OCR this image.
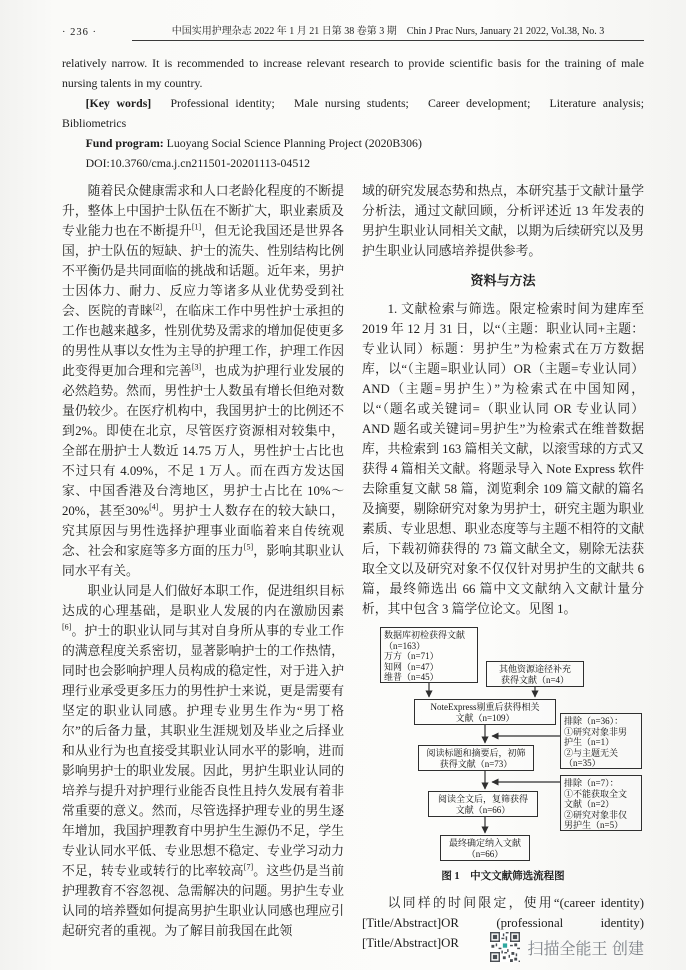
· 236 ·	中国实用护理杂志 2022 年 1 月 21 日第 38 卷第 3 期　Chin J Prac Nurs, January 21 2022, Vol.38, No. 3

relatively narrow. It is recommended to increase relevant research to provide scientific basis for the training of male nursing talents in my country.

[Key words]　Professional identity;　Male nursing students;　Career development;　Literature analysis;　Bibliometrics

Fund program: Luoyang Social Science Planning Project (2020B306)

DOI:10.3760/cma.j.cn211501-20201113-04512

随着民众健康需求和人口老龄化程度的不断提升，整体上中国护士队伍在不断扩大，职业素质及专业能力也在不断提升[1]，但无论我国还是世界各国，护士队伍的短缺、护士的流失、性别结构比例不平衡仍是共同面临的挑战和话题。近年来，男护士因体力、耐力、反应力等诸多从业优势受到社会、医院的青睐[2]，在临床工作中男性护士承担的工作也越来越多，性别优势及需求的增加促使更多的男性从事以女性为主导的护理工作，护理工作因此变得更加合理和完善[3]，也成为护理行业发展的必然趋势。然而，男性护士人数虽有增长但绝对数量仍较少。在医疗机构中，我国男护士的比例还不到2%。即使在北京，尽管医疗资源相对较集中，全部在册护士人数近 14.75 万人，男性护士占比也不过只有 4.09%，不足 1 万人。而在西方发达国家、中国香港及台湾地区，男护士占比在 10%～20%，甚至30%[4]。男护士人数存在的较大缺口，究其原因与男性选择护理事业面临着来自传统观念、社会和家庭等多方面的压力[5]，影响其职业认同水平有关。

职业认同是人们做好本职工作，促进组织目标达成的心理基础，是职业人发展的内在激励因素[6]。护士的职业认同与其对自身所从事的专业工作的满意程度关系密切，显著影响护士的工作热情，同时也会影响护理人员构成的稳定性，对于进入护理行业承受更多压力的男性护士来说，更是需要有坚定的职业认同感。护理专业男生作为“男丁格尔”的后备力量，其职业生涯规划及毕业之后择业和从业行为也直接受其职业认同水平的影响，进而影响男护士的职业发展。因此，男护生职业认同的培养与提升对护理行业能否良性且持久发展有着非常重要的意义。然而，尽管选择护理专业的男生逐年增加，我国护理教育中男护生生源仍不足，学生专业认同水平低、专业思想不稳定、专业学习动力不足，转专业或转行的比率较高[7]。这些仍是当前护理教育不容忽视、急需解决的问题。男护生专业认同的培养暨如何提高男护生职业认同感也理应引起研究者的重视。为了解目前我国在此领

域的研究发展态势和热点，本研究基于文献计量学分析法，通过文献回顾，分析评述近 13 年发表的男护生职业认同相关文献，以期为后续研究以及男护生职业认同感培养提供参考。

资料与方法

1. 文献检索与筛选。限定检索时间为建库至2019 年 12 月 31 日，以“（主题：职业认同+主题：专业认同）标题：男护生”为检索式在万方数据库，以“（主题=职业认同）OR（主题=专业认同）AND（主题=男护生）”为检索式在中国知网，以“（题名或关键词=（职业认同 OR 专业认同）AND 题名或关键词=男护生”为检索式在维普数据库，共检索到 163 篇相关文献，以滚雪球的方式又获得 4 篇相关文献。将题录导入 Note Express 软件去除重复文献 58 篇，浏览剩余 109 篇文献的篇名及摘要，剔除研究对象为男护士，研究主题为职业素质、专业思想、职业态度等与主题不相符的文献后，下载初筛获得的 73 篇文献全文，剔除无法获取全文以及研究对象不仅仅针对男护生的文献共 6 篇，最终筛选出 66 篇中文文献纳入文献计量分析，其中包含 3 篇学位论文。见图 1。

数据库初检获得文献
（n=163）
万方（n=71）
知网（n=47）
维普（n=45）
其他资源途径补充
获得文献（n=4）
NoteExpress剔重后获得相关
文献（n=109）	排除（n=36）：
①研究对象非男
护生（n=1）
②与主题无关
（n=35）
阅读标题和摘要后，初筛
获得文献（n=73）
排除（n=7）：
①不能获取全文
文献（n=2）
②研究对象非仅
男护生（n=5）
阅读全文后，复筛获得
文献（n=66）
最终确定纳入文献
（n=66）

图 1　中文文献筛选流程图

以同样的时间限定，使用“(career identity)[Title/Abstract]OR (professional identity) [Title/Abstract]OR	扫描全能王 创建
